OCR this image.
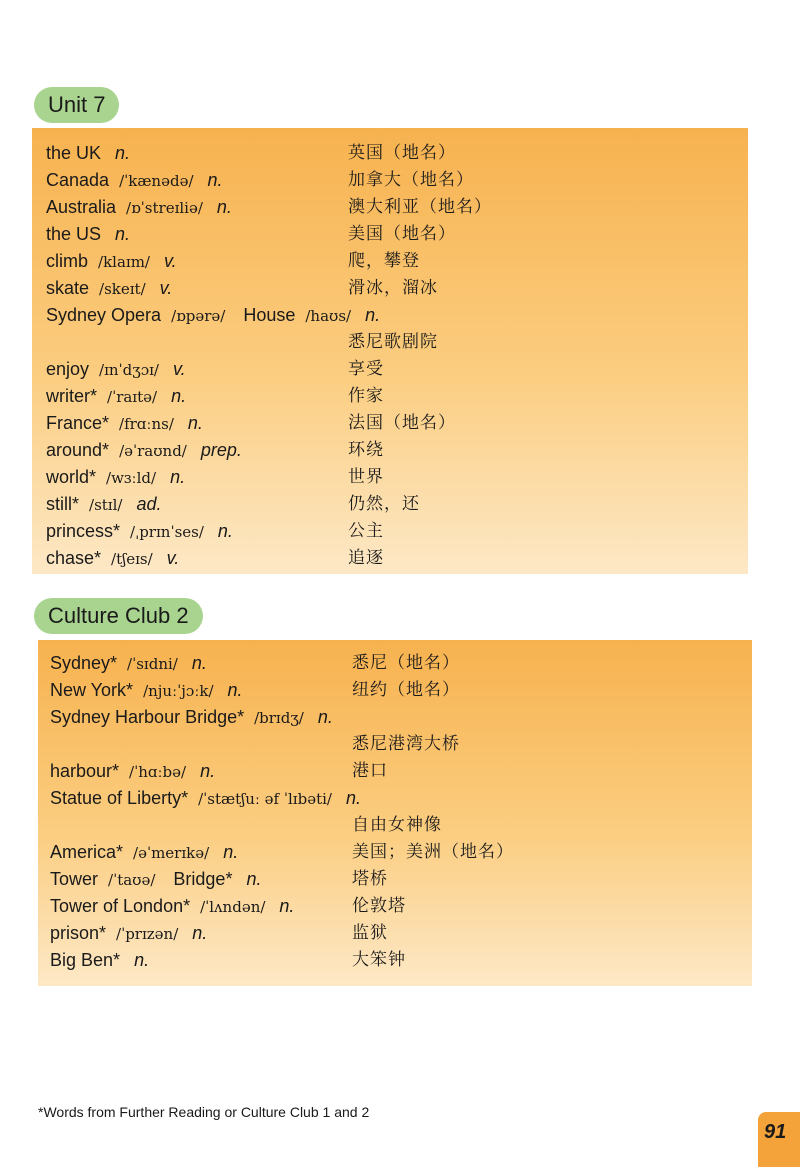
Unit 7
the UK n.	英国（地名）
Canada /ˈkænədə/ n.	加拿大（地名）
Australia /ɒˈstreɪliə/ n.	澳大利亚（地名）
the US n.	美国（地名）
climb /klaɪm/ v.	爬，攀登
skate /skeɪt/ v.	滑冰，溜冰
Sydney Opera /ɒpərə/ House /haʊs/ n.
悉尼歌剧院
enjoy /ɪnˈdʒɔɪ/ v.	享受
writer* /ˈraɪtə/ n.	作家
France* /frɑːns/ n.	法国（地名）
around* /əˈraʊnd/ prep.	环绕
world* /wɜːld/ n.	世界
still* /stɪl/ ad.	仍然，还
princess* /ˌprɪnˈses/ n.	公主
chase* /tʃeɪs/ v.	追逐
Culture Club 2
Sydney* /ˈsɪdni/ n.	悉尼（地名）
New York* /njuːˈjɔːk/ n.	纽约（地名）
Sydney Harbour Bridge* /brɪdʒ/ n.
悉尼港湾大桥
harbour* /ˈhɑːbə/ n.	港口
Statue of Liberty* /ˈstætʃuː əf ˈlɪbəti/ n.
自由女神像
America* /əˈmerɪkə/ n.	美国；美洲（地名）
Tower /ˈtaʊə/ Bridge* n.	塔桥
Tower of London* /ˈlʌndən/ n.	伦敦塔
prison* /ˈprɪzən/ n.	监狱
Big Ben* n.	大笨钟
*Words from Further Reading or Culture Club 1 and 2
91
